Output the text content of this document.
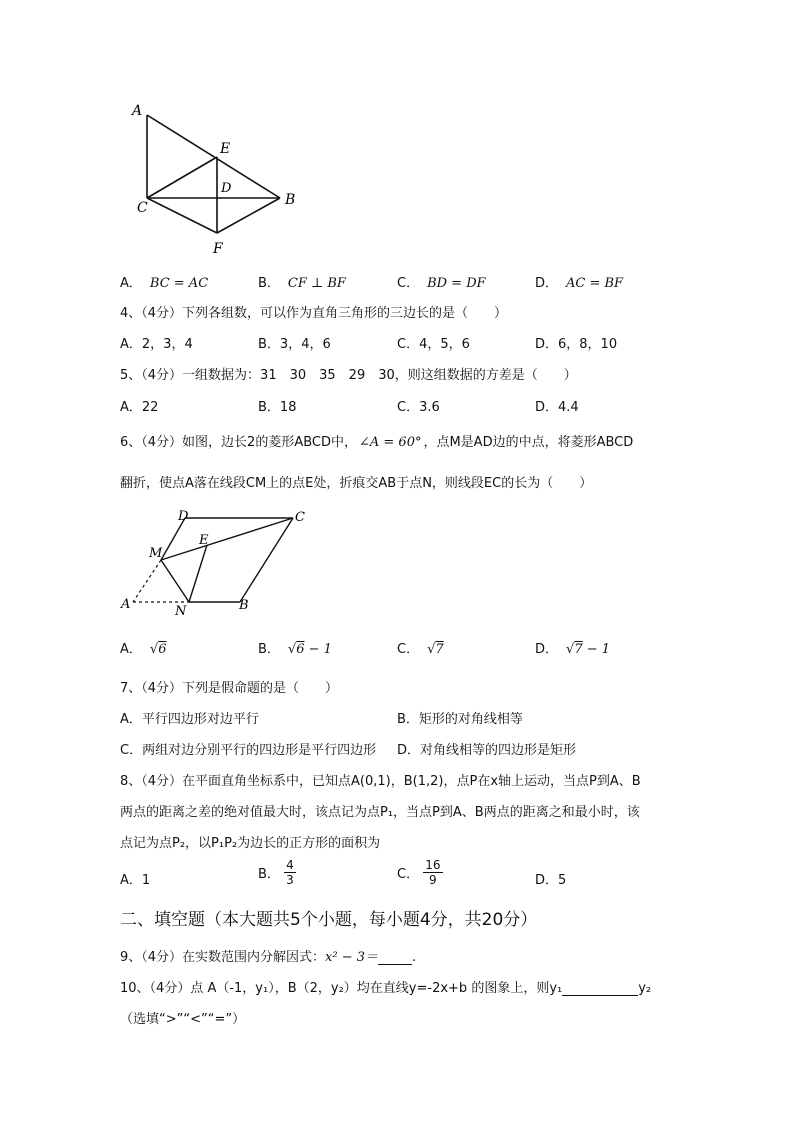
A
E
D
C	B
F
A． BC = AC	B． CF ⊥ BF	C． BD = DF	D． AC = BF
4、（4分）下列各组数，可以作为直角三角形的三边长的是（　　）
A．2，3，4	B．3，4，6	C．4，5，6	D．6，8，10
5、（4分）一组数据为：31　30　35　29　30，则这组数据的方差是（　　）
A．22	B．18	C．3.6	D．4.4
6、（4分）如图，边长2的菱形ABCD中， ∠A = 60° ，点M是AD边的中点，将菱形ABCD
翻折，使点A落在线段CM上的点E处，折痕交AB于点N，则线段EC的长为（　　）
D	C
E
M
A	N	B
A． √6	B． √6 − 1	C． √7	D． √7 − 1
7、（4分）下列是假命题的是（　　）
A．平行四边形对边平行	B．矩形的对角线相等
C．两组对边分别平行的四边形是平行四边形 D．对角线相等的四边形是矩形
8、（4分）在平面直角坐标系中，已知点A(0,1)，B(1,2)，点P在x轴上运动，当点P到A、B
两点的距离之差的绝对值最大时，该点记为点P₁，当点P到A、B两点的距离之和最小时，该
点记为点P₂，以P₁P₂为边长的正方形的面积为
A．1	B． $\frac{4}{3}$	C． $\frac{16}{9}$	D．5
二、填空题（本大题共5个小题，每小题4分，共20分）
9、（4分）在实数范围内分解因式：x² − 3＝	.
10、（4分）点 A（-1，y₁），B（2，y₂）均在直线y=-2x+b 的图象上，则y₁	y₂
（选填“>”“<”“=”）
